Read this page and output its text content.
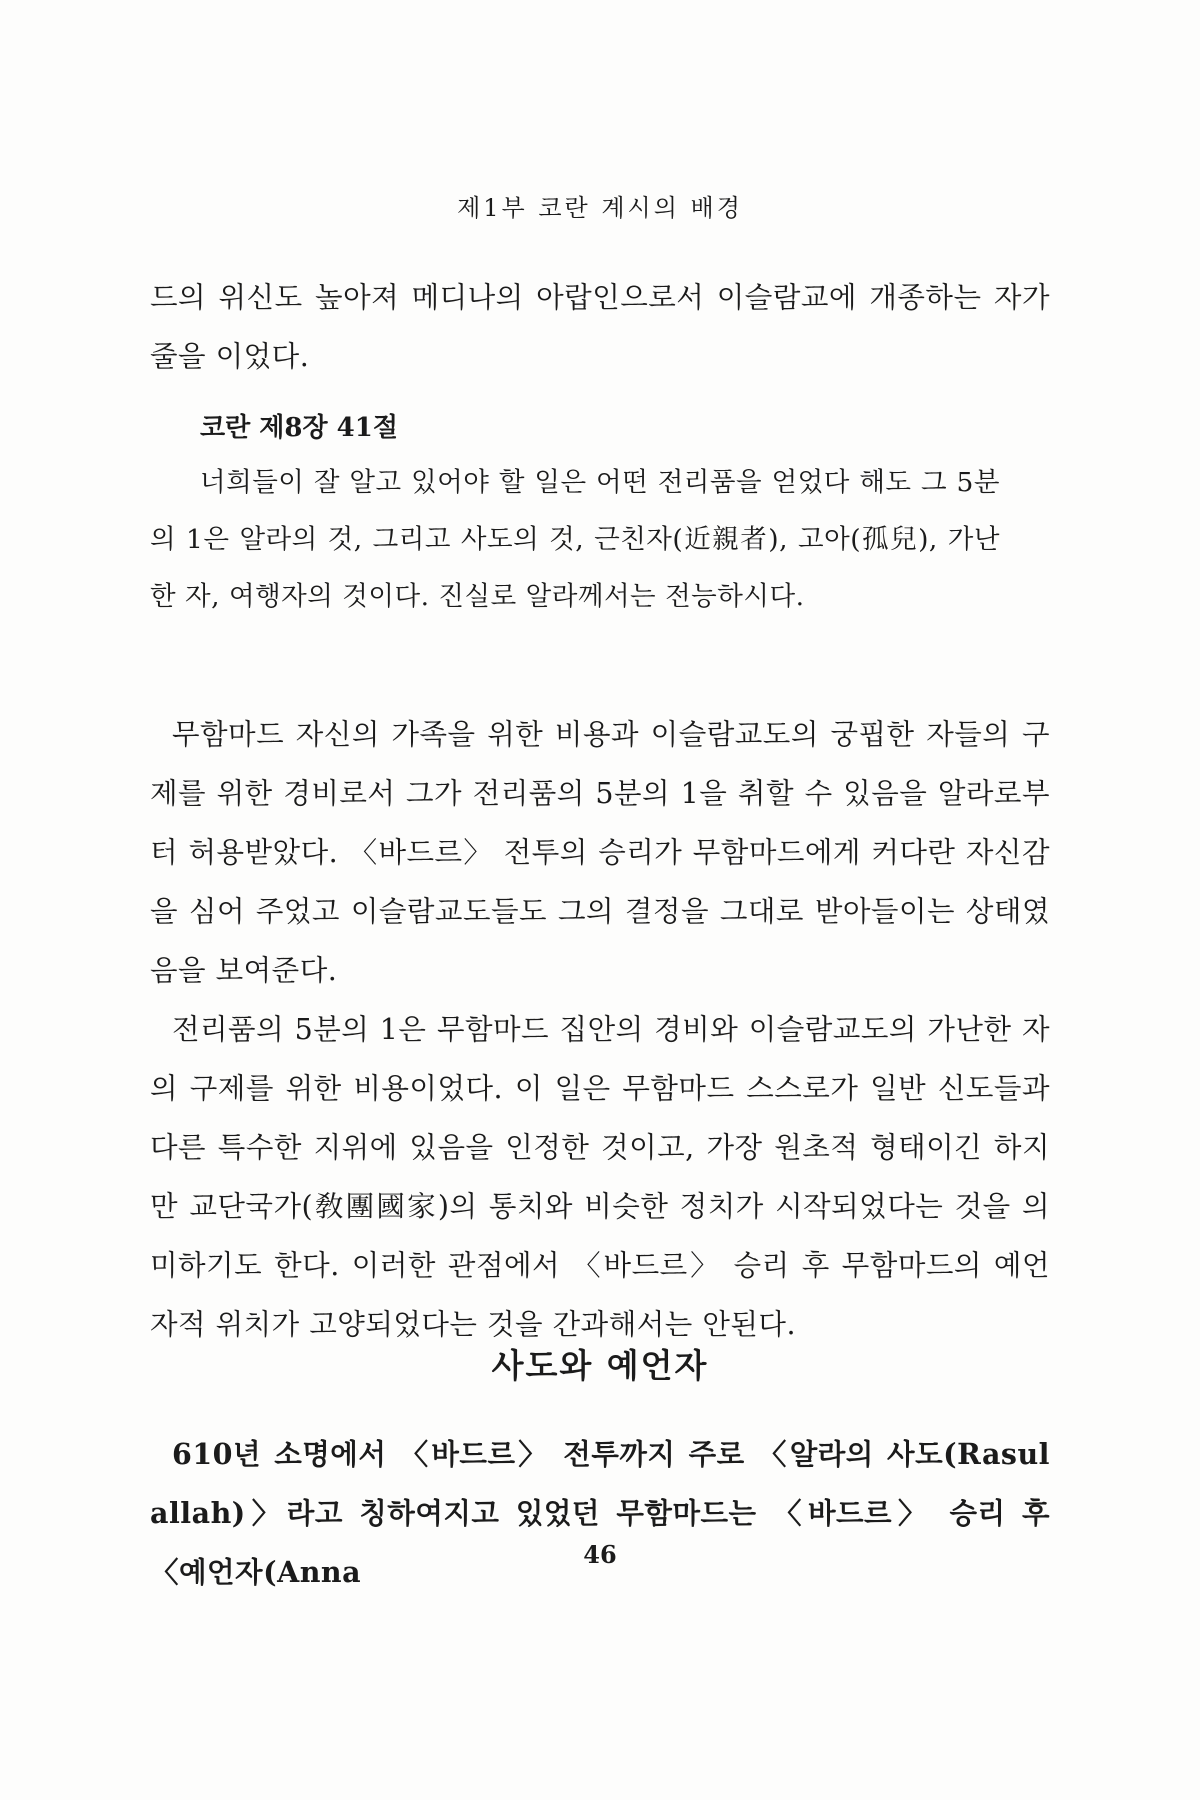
제1부 코란 계시의 배경

드의 위신도 높아져 메디나의 아랍인으로서 이슬람교에 개종하는 자가 줄을 이었다.

코란 제8장 41절

너희들이 잘 알고 있어야 할 일은 어떤 전리품을 얻었다 해도 그 5분의 1은 알라의 것, 그리고 사도의 것, 근친자(近親者), 고아(孤兒), 가난한 자, 여행자의 것이다. 진실로 알라께서는 전능하시다.

무함마드 자신의 가족을 위한 비용과 이슬람교도의 궁핍한 자들의 구제를 위한 경비로서 그가 전리품의 5분의 1을 취할 수 있음을 알라로부터 허용받았다. 〈바드르〉 전투의 승리가 무함마드에게 커다란 자신감을 심어 주었고 이슬람교도들도 그의 결정을 그대로 받아들이는 상태였음을 보여준다.

전리품의 5분의 1은 무함마드 집안의 경비와 이슬람교도의 가난한 자의 구제를 위한 비용이었다. 이 일은 무함마드 스스로가 일반 신도들과 다른 특수한 지위에 있음을 인정한 것이고, 가장 원초적 형태이긴 하지만 교단국가(敎團國家)의 통치와 비슷한 정치가 시작되었다는 것을 의미하기도 한다. 이러한 관점에서 〈바드르〉 승리 후 무함마드의 예언자적 위치가 고양되었다는 것을 간과해서는 안된다.

사도와 예언자

610년 소명에서 〈바드르〉 전투까지 주로 〈알라의 사도(Rasul allah)〉라고 칭하여지고 있었던 무함마드는 〈바드르〉 승리 후 〈예언자(Anna

46
